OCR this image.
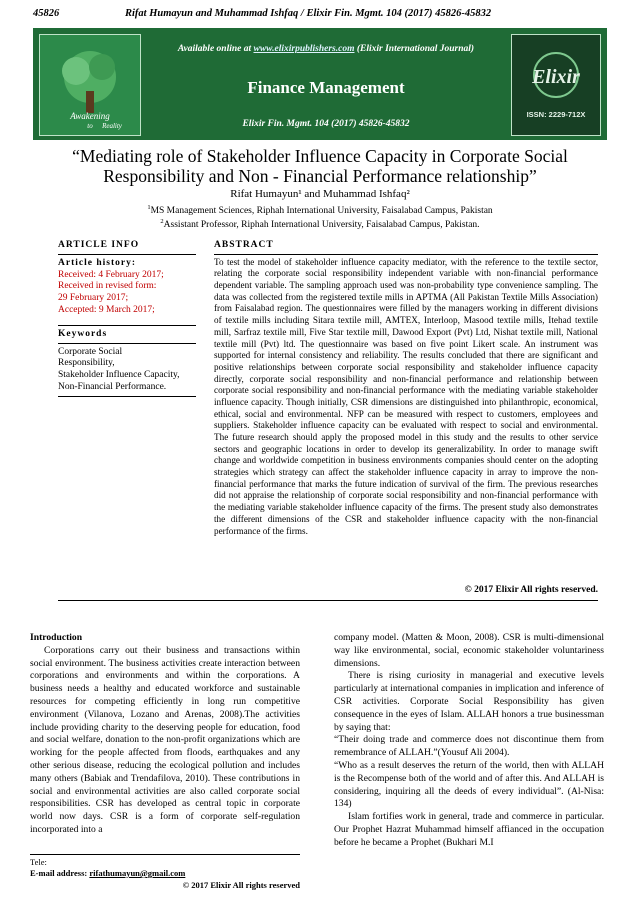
45826	Rifat Humayun and Muhammad Ishfaq / Elixir Fin. Mgmt. 104 (2017) 45826-45832
Awakening
to Reality
Available online at www.elixirpublishers.com (Elixir International Journal)
Finance Management
Elixir Fin. Mgmt. 104 (2017) 45826-45832
Elixir
ISSN: 2229-712X
“Mediating role of Stakeholder Influence Capacity in Corporate Social
Responsibility and Non - Financial Performance relationship”
Rifat Humayun¹ and Muhammad Ishfaq²
$^1$MS Management Sciences, Riphah International University, Faisalabad Campus, Pakistan
$^2$Assistant Professor, Riphah International University, Faisalabad Campus, Pakistan.
ARTICLE INFO
Article history:
Received: 4 February 2017;
Received in revised form:
29 February 2017;
Accepted: 9 March 2017;
Keywords
Corporate Social
Responsibility,
Stakeholder Influence Capacity,
Non-Financial Performance.
ABSTRACT
To test the model of stakeholder influence capacity mediator, with the reference to the textile sector, relating the corporate social responsibility independent variable with non-financial performance dependent variable. The sampling approach used was non-probability type convenience sampling. The data was collected from the registered textile mills in APTMA (All Pakistan Textile Mills Association) from Faisalabad region. The questionnaires were filled by the managers working in different divisions of textile mills including Sitara textile mill, AMTEX, Interloop, Masood textile mills, Itehad textile mill, Sarfraz textile mill, Five Star textile mill, Dawood Export (Pvt) Ltd, Nishat textile mill, National textile mill (Pvt) ltd. The questionnaire was based on five point Likert scale. An instrument was supported for internal consistency and reliability. The results concluded that there are significant and positive relationships between corporate social responsibility and stakeholder influence capacity directly, corporate social responsibility and non-financial performance and relationship between corporate social responsibility and non-financial performance with the mediating variable stakeholder influence capacity. Though initially, CSR dimensions are distinguished into philanthropic, economical, ethical, social and environmental. NFP can be measured with respect to customers, employees and suppliers. Stakeholder influence capacity can be evaluated with respect to social and environmental. The future research should apply the proposed model in this study and the results to other service sectors and geographic locations in order to develop its generalizability. In order to manage swift change and worldwide competition in business environments companies should center on the adopting strategies which strategy can affect the stakeholder influence capacity in array to improve the non- financial performance that marks the future indication of survival of the firm. The previous researches did not appraise the relationship of corporate social responsibility and non-financial performance with the mediating variable stakeholder influence capacity of the firms. The present study also demonstrates the different dimensions of the CSR and stakeholder influence capacity with the non-financial performance of the firms.
© 2017 Elixir All rights reserved.

Introduction

Corporations carry out their business and transactions within social environment. The business activities create interaction between corporations and environments and within the corporations. A business needs a healthy and educated workforce and sustainable resources for competing efficiently in long run competitive environment (Vilanova, Lozano and Arenas, 2008).The activities include providing charity to the deserving people for education, food and social welfare, donation to the non-profit organizations which are working for the people affected from floods, earthquakes and any other serious disease, reducing the ecological pollution and includes many others (Babiak and Trendafilova, 2010). These contributions in social and environmental activities are also called corporate social responsibilities. CSR has developed as central topic in corporate world now days. CSR is a form of corporate self-regulation incorporated into a

company model. (Matten & Moon, 2008). CSR is multi-dimensional way like environmental, social, economic stakeholder voluntariness dimensions.

There is rising curiosity in managerial and executive levels particularly at international companies in implication and inference of CSR activities. Corporate Social Responsibility has given consequence in the eyes of Islam. ALLAH honors a true businessman by saying that:

“Their doing trade and commerce does not discontinue them from remembrance of ALLAH.”(Yousuf Ali 2004).

“Who as a result deserves the return of the world, then with ALLAH is the Recompense both of the world and of after this. And ALLAH is considering, inquiring all the deeds of every individual”. (Al-Nisa: 134)

Islam fortifies work in general, trade and commerce in particular. Our Prophet Hazrat Muhammad himself affianced in the occupation before he became a Prophet (Bukhari M.I

Tele:
E-mail address: rifathumayun@gmail.com
© 2017 Elixir All rights reserved
